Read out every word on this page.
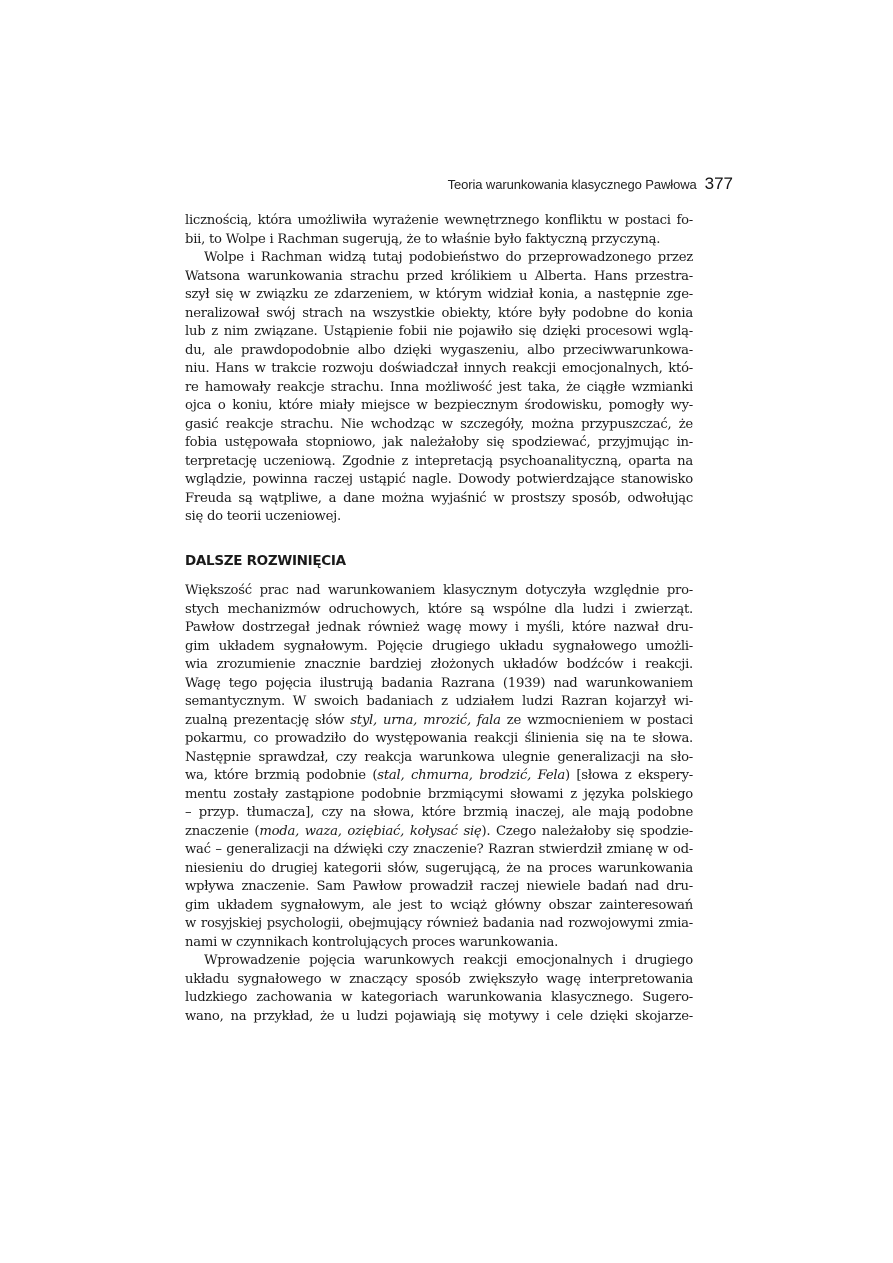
Teoria warunkowania klasycznego Pawłowa 377
licznością, która umożliwiła wyrażenie wewnętrznego konfliktu w postaci fo-
bii, to Wolpe i Rachman sugerują, że to właśnie było faktyczną przyczyną.
Wolpe i Rachman widzą tutaj podobieństwo do przeprowadzonego przez
Watsona warunkowania strachu przed królikiem u Alberta. Hans przestra-
szył się w związku ze zdarzeniem, w którym widział konia, a następnie zge-
neralizował swój strach na wszystkie obiekty, które były podobne do konia
lub z nim związane. Ustąpienie fobii nie pojawiło się dzięki procesowi wglą-
du, ale prawdopodobnie albo dzięki wygaszeniu, albo przeciwwarunkowa-
niu. Hans w trakcie rozwoju doświadczał innych reakcji emocjonalnych, któ-
re hamowały reakcje strachu. Inna możliwość jest taka, że ciągłe wzmianki
ojca o koniu, które miały miejsce w bezpiecznym środowisku, pomogły wy-
gasić reakcje strachu. Nie wchodząc w szczegóły, można przypuszczać, że
fobia ustępowała stopniowo, jak należałoby się spodziewać, przyjmując in-
terpretację uczeniową. Zgodnie z intepretacją psychoanalityczną, oparta na
wglądzie, powinna raczej ustąpić nagle. Dowody potwierdzające stanowisko
Freuda są wątpliwe, a dane można wyjaśnić w prostszy sposób, odwołując
się do teorii uczeniowej.
DALSZE ROZWINIĘCIA
Większość prac nad warunkowaniem klasycznym dotyczyła względnie pro-
stych mechanizmów odruchowych, które są wspólne dla ludzi i zwierząt.
Pawłow dostrzegał jednak również wagę mowy i myśli, które nazwał dru-
gim układem sygnałowym. Pojęcie drugiego układu sygnałowego umożli-
wia zrozumienie znacznie bardziej złożonych układów bodźców i reakcji.
Wagę tego pojęcia ilustrują badania Razrana (1939) nad warunkowaniem
semantycznym. W swoich badaniach z udziałem ludzi Razran kojarzył wi-
zualną prezentację słów styl, urna, mrozić, fala ze wzmocnieniem w postaci
pokarmu, co prowadziło do występowania reakcji ślinienia się na te słowa.
Następnie sprawdzał, czy reakcja warunkowa ulegnie generalizacji na sło-
wa, które brzmią podobnie (stal, chmurna, brodzić, Fela) [słowa z ekspery-
mentu zostały zastąpione podobnie brzmiącymi słowami z języka polskiego
– przyp. tłumacza], czy na słowa, które brzmią inaczej, ale mają podobne
znaczenie (moda, waza, oziębiać, kołysać się). Czego należałoby się spodzie-
wać – generalizacji na dźwięki czy znaczenie? Razran stwierdził zmianę w od-
niesieniu do drugiej kategorii słów, sugerującą, że na proces warunkowania
wpływa znaczenie. Sam Pawłow prowadził raczej niewiele badań nad dru-
gim układem sygnałowym, ale jest to wciąż główny obszar zainteresowań
w rosyjskiej psychologii, obejmujący również badania nad rozwojowymi zmia-
nami w czynnikach kontrolujących proces warunkowania.
Wprowadzenie pojęcia warunkowych reakcji emocjonalnych i drugiego
układu sygnałowego w znaczący sposób zwiększyło wagę interpretowania
ludzkiego zachowania w kategoriach warunkowania klasycznego. Sugero-
wano, na przykład, że u ludzi pojawiają się motywy i cele dzięki skojarze-
